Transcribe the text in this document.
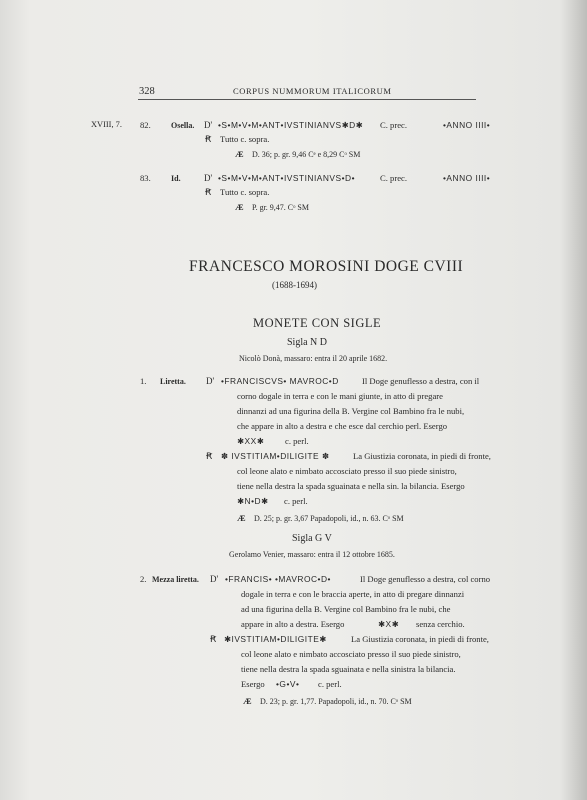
328	CORPUS NUMMORUM ITALICORUM
XVIII, 7. 82.	Osella. D' •S•M•V•M•ANT•IVSTINIANVS✱D✱ C. prec.	•ANNO IIII•
Ꞧ Tutto c. sopra.
Æ D. 36; p. gr. 9,46 Cᵉ e 8,29 Cᵒ SM
83.	Id.	D' •S•M•V•M•ANT•IVSTINIANVS•D•	C. prec.	•ANNO IIII•
Ꞧ Tutto c. sopra.
Æ P. gr. 9,47. Cᵒ SM
FRANCESCO MOROSINI DOGE CVIII
(1688-1694)
MONETE CON SIGLE
Sigla N D
Nicolò Donà, massaro: entra il 20 aprile 1682.
1. Liretta. D' •FRANCISCVS• MAVROC•D	Il Doge genuflesso a destra, con il
corno dogale in terra e con le mani giunte, in atto di pregare
dinnanzi ad una figurina della B. Vergine col Bambino fra le nubi,
che appare in alto a destra e che esce dal cerchio perl. Esergo
✱XX✱ c. perl.
Ꞧ ✽ IVSTITIAM•DILIGITE ✽	La Giustizia coronata, in piedi di fronte,
col leone alato e nimbato accosciato presso il suo piede sinistro,
tiene nella destra la spada sguainata e nella sin. la bilancia. Esergo
✱N•D✱ c. perl.
Æ D. 25; p. gr. 3,67 Papadopoli, id., n. 63. Cᵒ SM
Sigla G V
Gerolamo Venier, massaro: entra il 12 ottobre 1685.
2. Mezza liretta. D' •FRANCIS• •MAVROC•D•	Il Doge genuflesso a destra, col corno
dogale in terra e con le braccia aperte, in atto di pregare dinnanzi
ad una figurina della B. Vergine col Bambino fra le nubi, che
appare in alto a destra. Esergo	✱X✱ senza cerchio.
Ꞧ ✱IVSTITIAM•DILIGITE✱	La Giustizia coronata, in piedi di fronte,
col leone alato e nimbato accosciato presso il suo piede sinistro,
tiene nella destra la spada sguainata e nella sinistra la bilancia.
Esergo •G•V• c. perl.
Æ D. 23; p. gr. 1,77. Papadopoli, id., n. 70. Cᵒ SM
